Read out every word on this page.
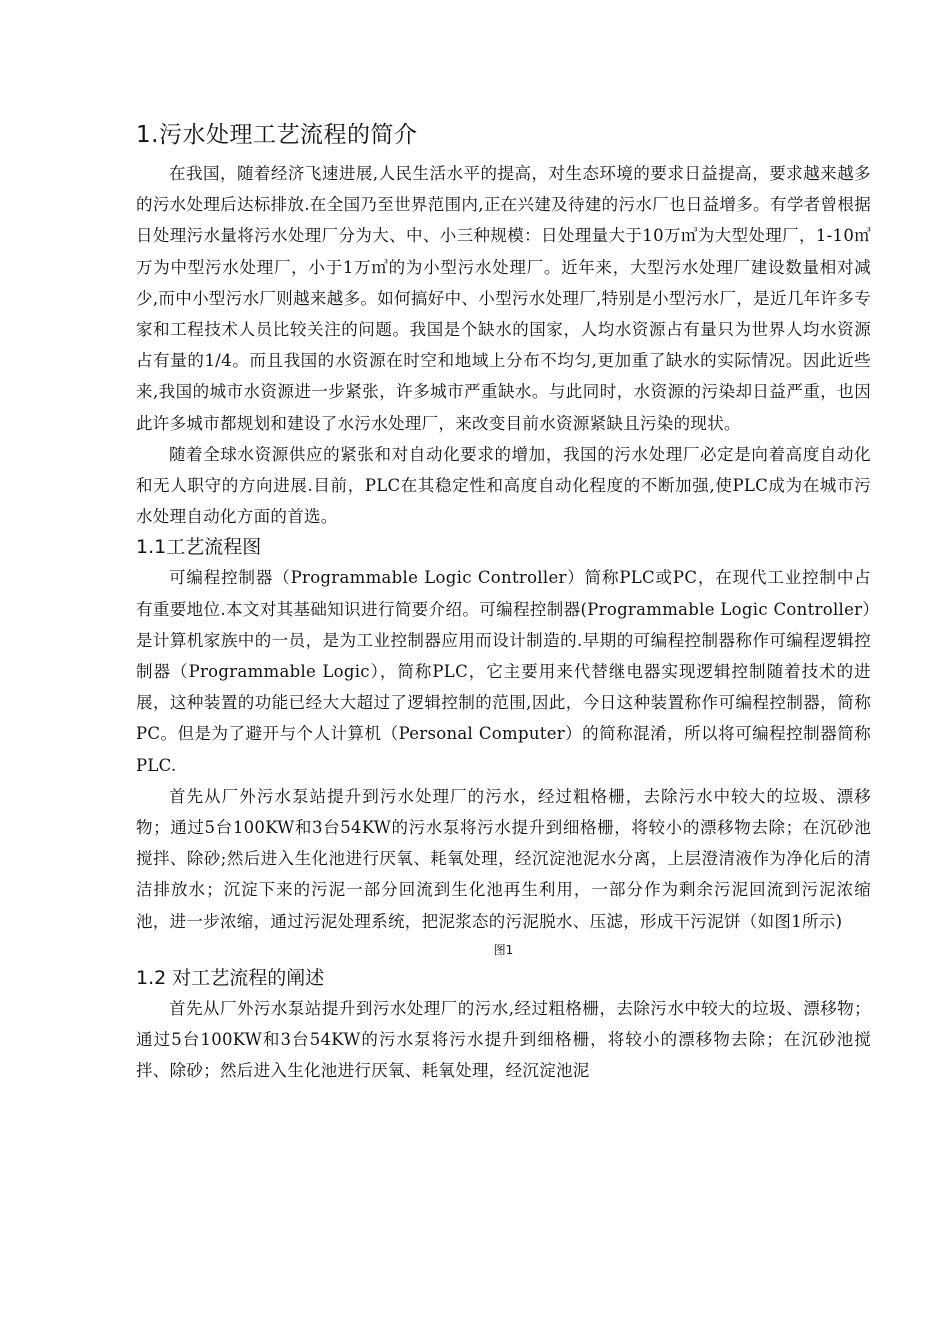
1.污水处理工艺流程的简介

在我国，随着经济飞速进展,人民生活水平的提高，对生态环境的要求日益提高，要求越来越多的污水处理后达标排放.在全国乃至世界范围内,正在兴建及待建的污水厂也日益增多。有学者曾根据日处理污水量将污水处理厂分为大、中、小三种规模：日处理量大于10万㎥为大型处理厂，1-10㎥万为中型污水处理厂，小于1万㎥的为小型污水处理厂。近年来，大型污水处理厂建设数量相对减少,而中小型污水厂则越来越多。如何搞好中、小型污水处理厂,特别是小型污水厂，是近几年许多专家和工程技术人员比较关注的问题。我国是个缺水的国家，人均水资源占有量只为世界人均水资源占有量的1/4。而且我国的水资源在时空和地域上分布不均匀,更加重了缺水的实际情况。因此近些来,我国的城市水资源进一步紧张，许多城市严重缺水。与此同时，水资源的污染却日益严重，也因此许多城市都规划和建设了水污水处理厂，来改变目前水资源紧缺且污染的现状。

随着全球水资源供应的紧张和对自动化要求的增加，我国的污水处理厂必定是向着高度自动化和无人职守的方向进展.目前，PLC在其稳定性和高度自动化程度的不断加强,使PLC成为在城市污水处理自动化方面的首选。

1.1工艺流程图

可编程控制器（Programmable Logic Controller）简称PLC或PC，在现代工业控制中占有重要地位.本文对其基础知识进行简要介绍。可编程控制器(Programmable Logic Controller）是计算机家族中的一员，是为工业控制器应用而设计制造的.早期的可编程控制器称作可编程逻辑控制器（Programmable Logic），简称PLC，它主要用来代替继电器实现逻辑控制随着技术的进展，这种装置的功能已经大大超过了逻辑控制的范围,因此，今日这种装置称作可编程控制器，简称PC。但是为了避开与个人计算机（Personal Computer）的简称混淆，所以将可编程控制器简称PLC.

首先从厂外污水泵站提升到污水处理厂的污水，经过粗格栅，去除污水中较大的垃圾、漂移物；通过5台100KW和3台54KW的污水泵将污水提升到细格栅，将较小的漂移物去除；在沉砂池搅拌、除砂;然后进入生化池进行厌氧、耗氧处理，经沉淀池泥水分离，上层澄清液作为净化后的清洁排放水；沉淀下来的污泥一部分回流到生化池再生利用，一部分作为剩余污泥回流到污泥浓缩池，进一步浓缩，通过污泥处理系统，把泥浆态的污泥脱水、压滤，形成干污泥饼（如图1所示)

图1

1.2 对工艺流程的阐述

首先从厂外污水泵站提升到污水处理厂的污水,经过粗格栅，去除污水中较大的垃圾、漂移物；通过5台100KW和3台54KW的污水泵将污水提升到细格栅，将较小的漂移物去除；在沉砂池搅拌、除砂；然后进入生化池进行厌氧、耗氧处理，经沉淀池泥
